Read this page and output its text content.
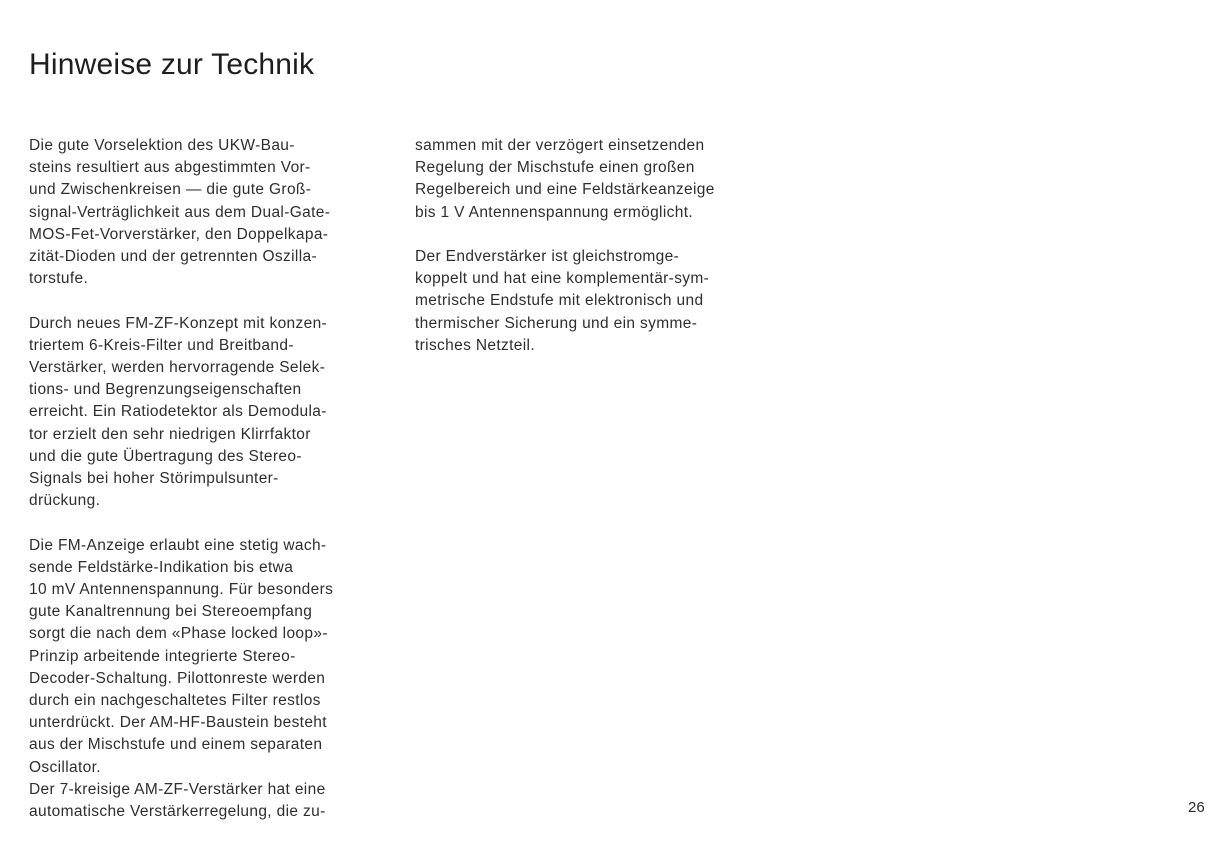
Hinweise zur Technik

Die gute Vorselektion des UKW-Bau-
steins resultiert aus abgestimmten Vor-
und Zwischenkreisen — die gute Groß-
signal-Verträglichkeit aus dem Dual-Gate-
MOS-Fet-Vorverstärker, den Doppelkapa-
zität-Dioden und der getrennten Oszilla-
torstufe.

Durch neues FM-ZF-Konzept mit konzen-
triertem 6-Kreis-Filter und Breitband-
Verstärker, werden hervorragende Selek-
tions- und Begrenzungseigenschaften
erreicht. Ein Ratiodetektor als Demodula-
tor erzielt den sehr niedrigen Klirrfaktor
und die gute Übertragung des Stereo-
Signals bei hoher Störimpulsunter-
drückung.

Die FM-Anzeige erlaubt eine stetig wach-
sende Feldstärke-Indikation bis etwa
10 mV Antennenspannung. Für besonders
gute Kanaltrennung bei Stereoempfang
sorgt die nach dem «Phase locked loop»-
Prinzip arbeitende integrierte Stereo-
Decoder-Schaltung. Pilottonreste werden
durch ein nachgeschaltetes Filter restlos
unterdrückt. Der AM-HF-Baustein besteht
aus der Mischstufe und einem separaten
Oscillator.
Der 7-kreisige AM-ZF-Verstärker hat eine
automatische Verstärkerregelung, die zu-

sammen mit der verzögert einsetzenden
Regelung der Mischstufe einen großen
Regelbereich und eine Feldstärkeanzeige
bis 1 V Antennenspannung ermöglicht.

Der Endverstärker ist gleichstromge-
koppelt und hat eine komplementär-sym-
metrische Endstufe mit elektronisch und
thermischer Sicherung und ein symme-
trisches Netzteil.

26
